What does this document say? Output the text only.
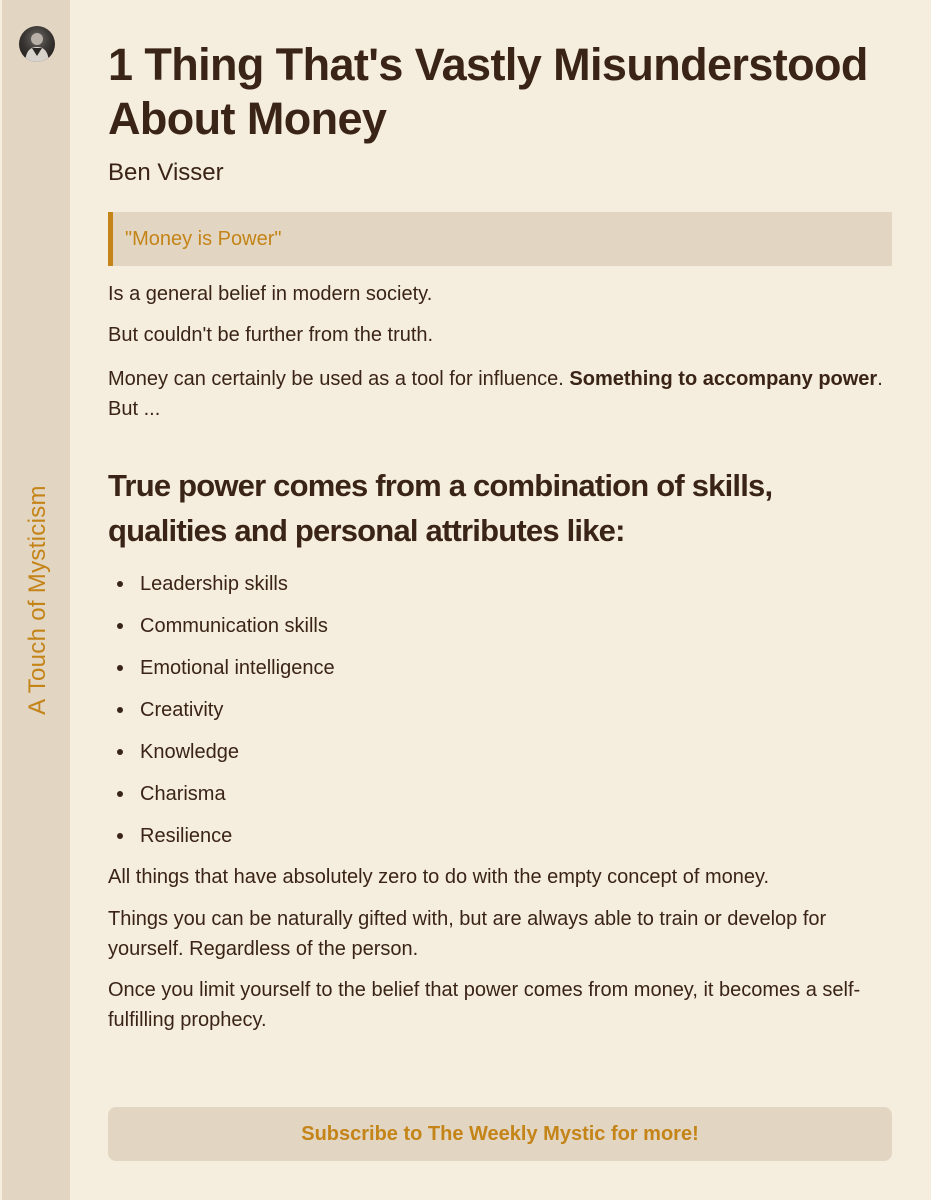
A Touch of Mysticism
1 Thing That's Vastly Misunderstood About Money
Ben Visser
"Money is Power"
Is a general belief in modern society.
But couldn't be further from the truth.
Money can certainly be used as a tool for influence. Something to accompany power. But ...
True power comes from a combination of skills, qualities and personal attributes like:
Leadership skills
Communication skills
Emotional intelligence
Creativity
Knowledge
Charisma
Resilience
All things that have absolutely zero to do with the empty concept of money.
Things you can be naturally gifted with, but are always able to train or develop for yourself. Regardless of the person.
Once you limit yourself to the belief that power comes from money, it becomes a self-fulfilling prophecy.
Subscribe to The Weekly Mystic for more!
